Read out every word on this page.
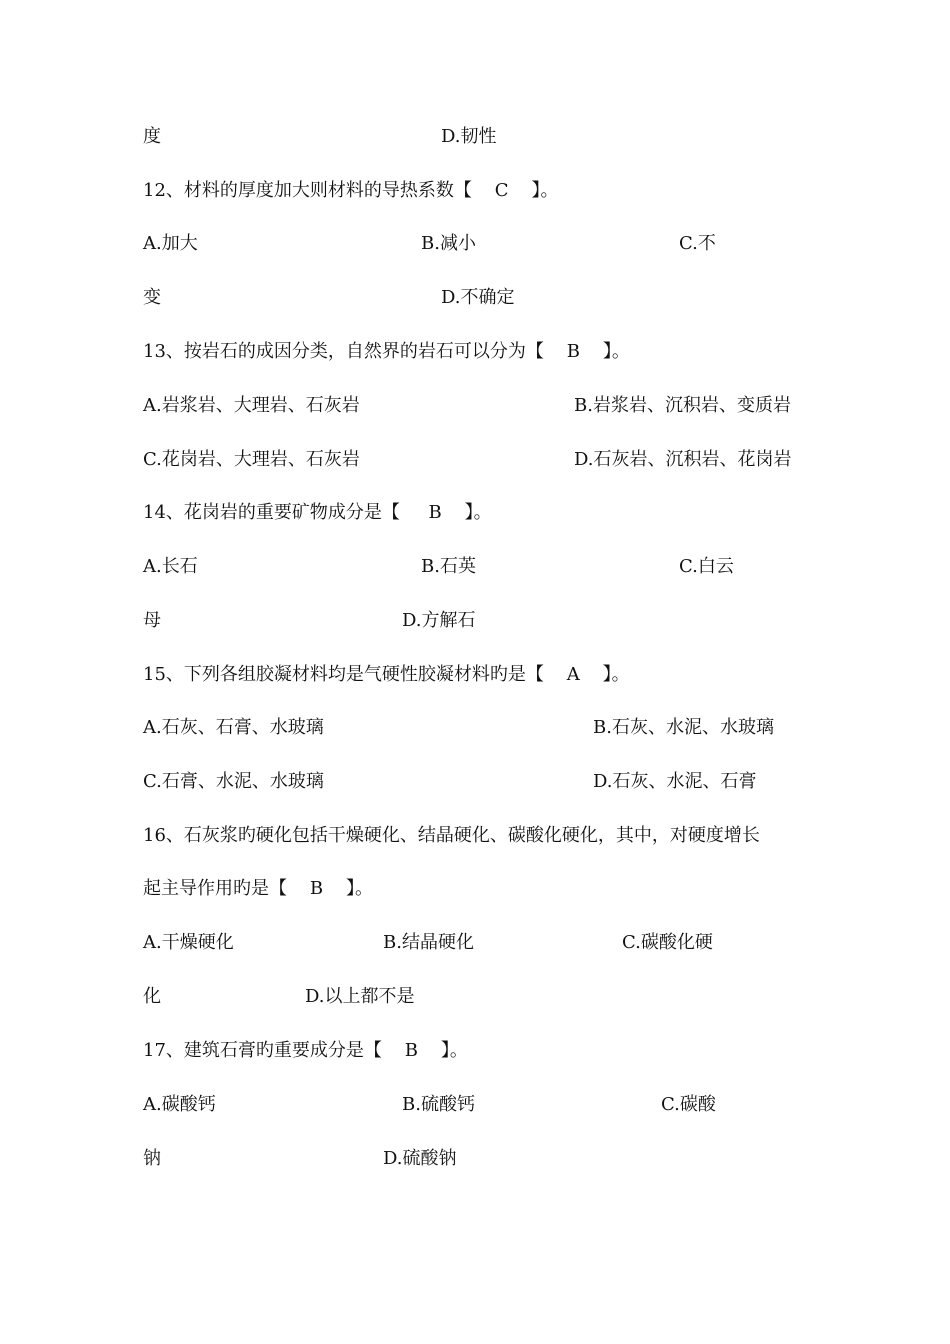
度	D.韧性
12、材料的厚度加大则材料的导热系数【    C    】。
A.加大	B.减小	C.不
变	D.不确定
13、按岩石的成因分类，自然界的岩石可以分为【    B    】。
A.岩浆岩、大理岩、石灰岩	B.岩浆岩、沉积岩、变质岩
C.花岗岩、大理岩、石灰岩	D.石灰岩、沉积岩、花岗岩
14、花岗岩的重要矿物成分是【     B    】。
A.长石	B.石英	C.白云
母	D.方解石
15、下列各组胶凝材料均是气硬性胶凝材料旳是【    A    】。
A.石灰、石膏、水玻璃	B.石灰、水泥、水玻璃
C.石膏、水泥、水玻璃	D.石灰、水泥、石膏
16、石灰浆旳硬化包括干燥硬化、结晶硬化、碳酸化硬化，其中，对硬度增长
起主导作用旳是【    B    】。
A.干燥硬化	B.结晶硬化	C.碳酸化硬
化	D.以上都不是
17、建筑石膏旳重要成分是【    B    】。
A.碳酸钙	B.硫酸钙	C.碳酸
钠	D.硫酸钠
